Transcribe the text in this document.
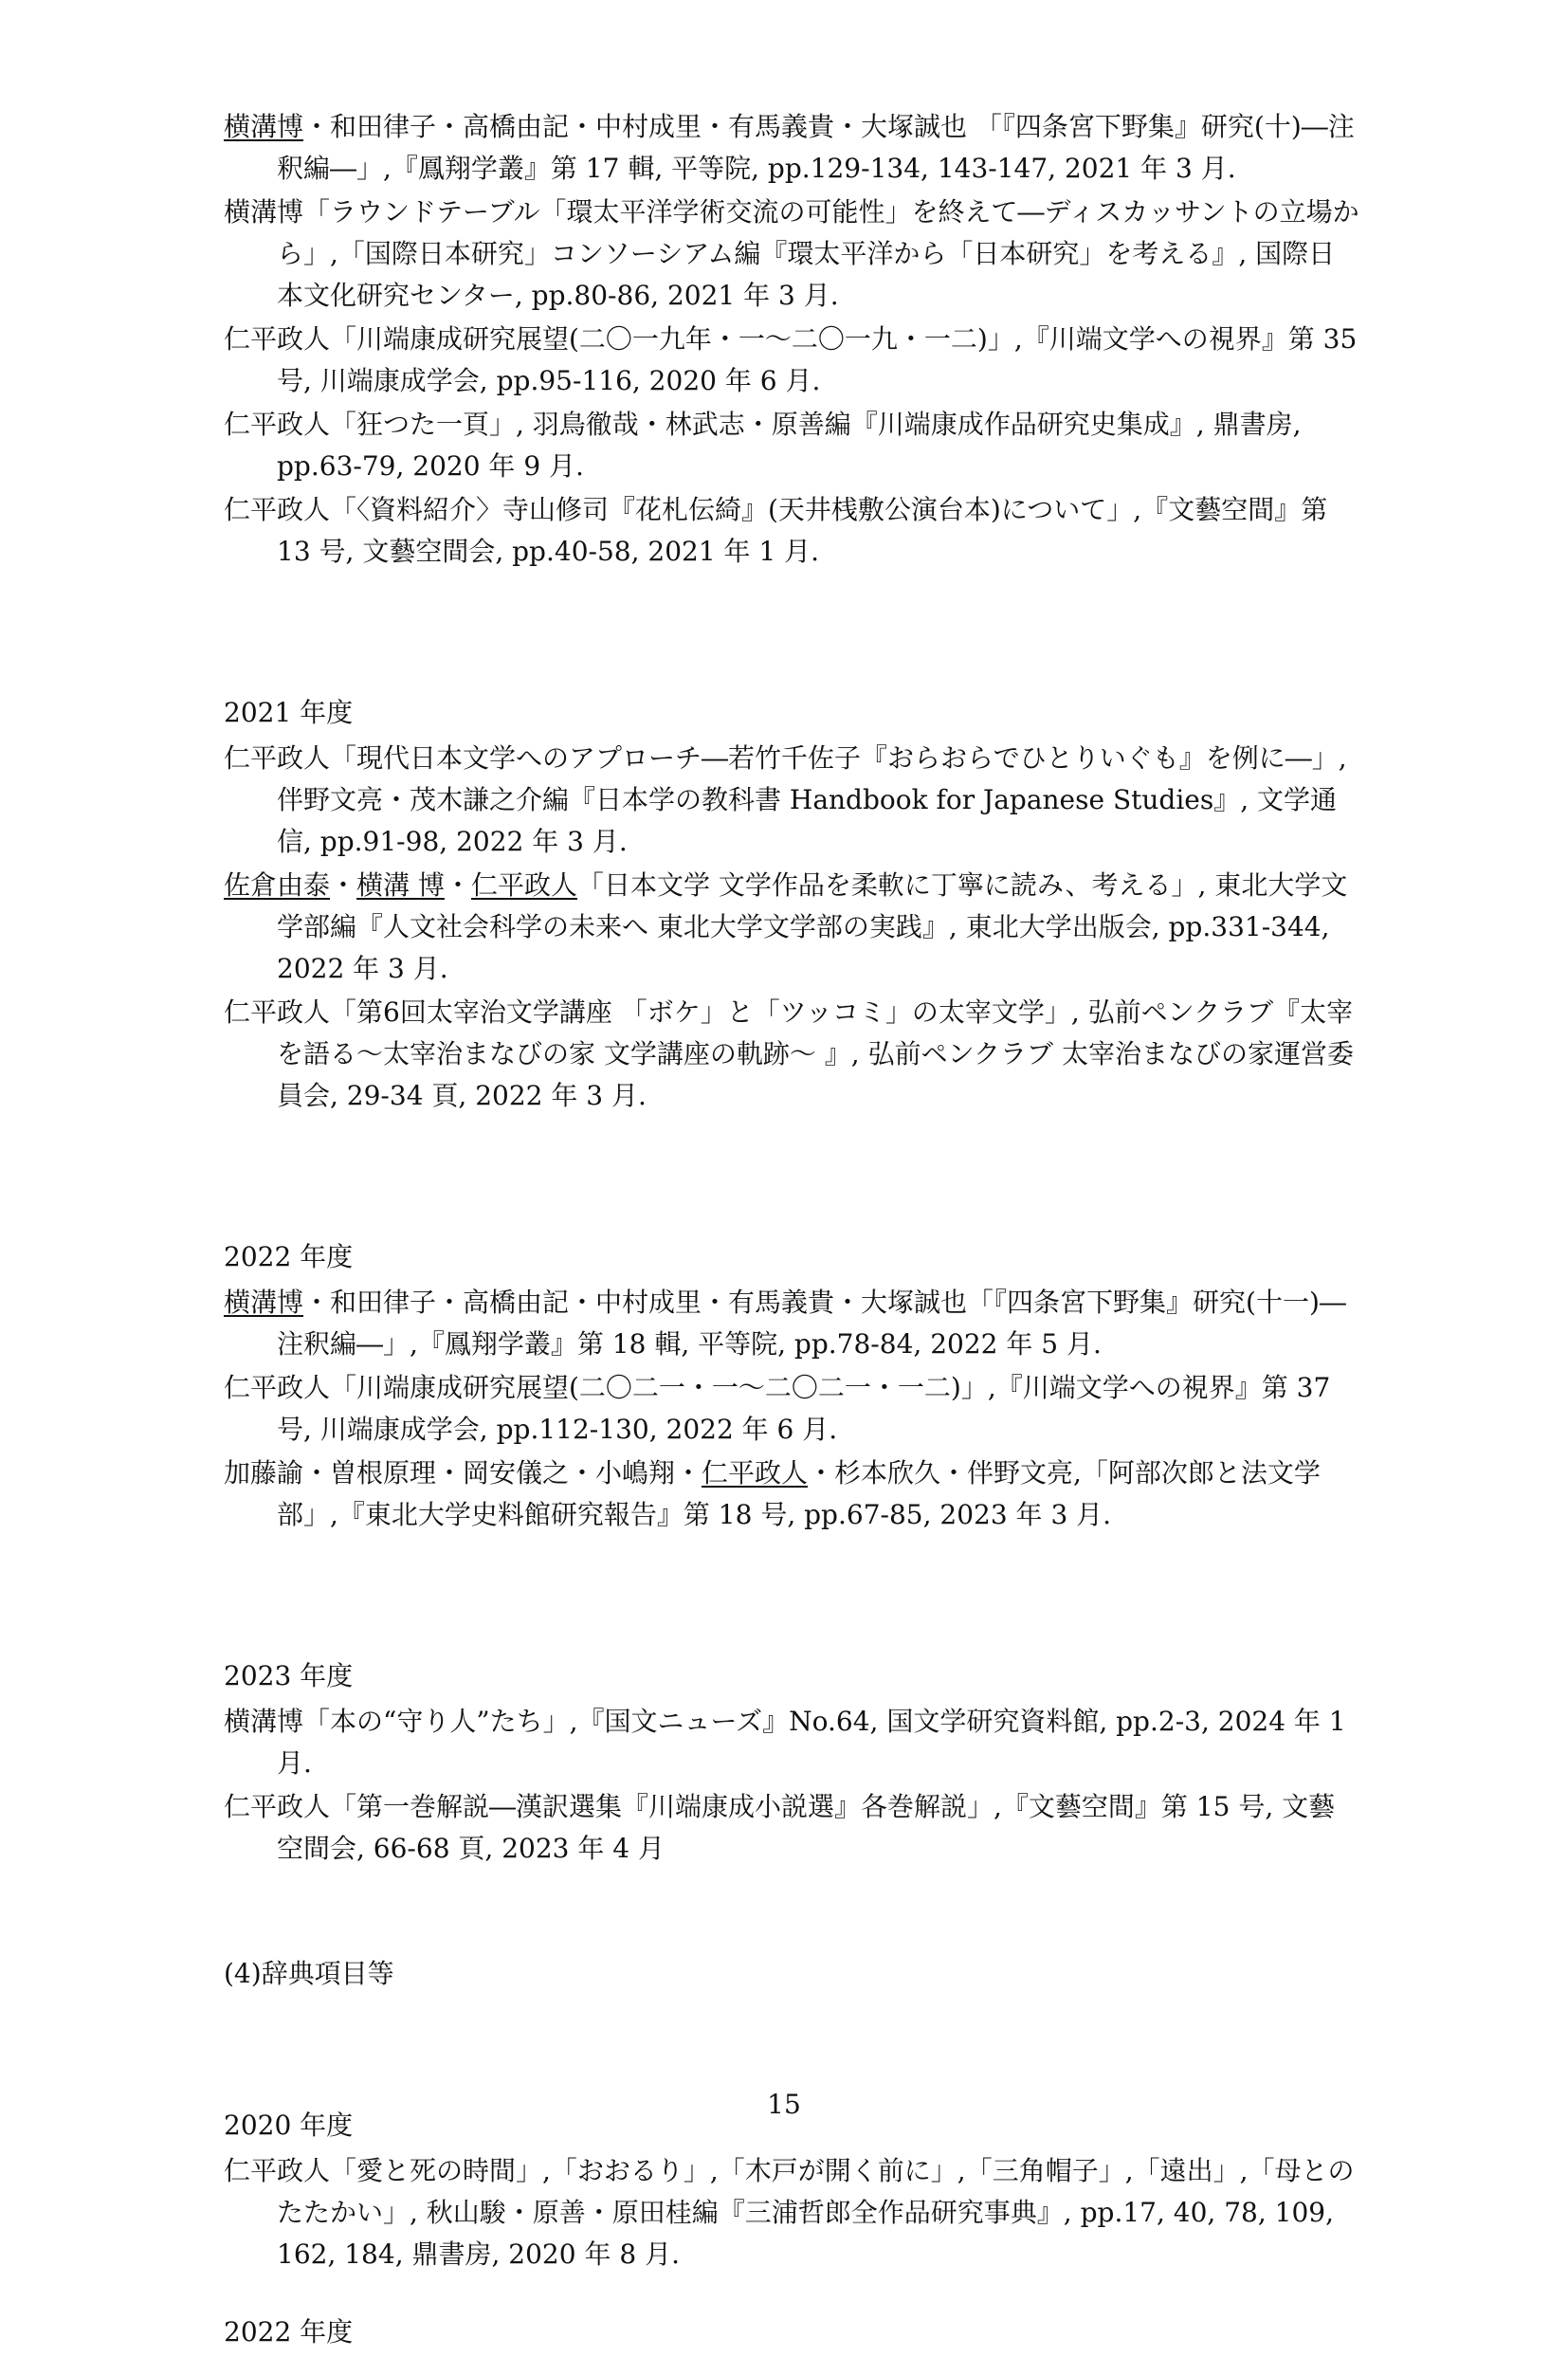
横溝博・和田律子・高橋由記・中村成里・有馬義貴・大塚誠也 「『四条宮下野集』研究(十)―注釈編―」,『鳳翔学叢』第 17 輯, 平等院, pp.129-134, 143-147, 2021 年 3 月.

横溝博「ラウンドテーブル「環太平洋学術交流の可能性」を終えて―ディスカッサントの立場から」,「国際日本研究」コンソーシアム編『環太平洋から「日本研究」を考える』, 国際日本文化研究センター, pp.80-86, 2021 年 3 月.

仁平政人「川端康成研究展望(二〇一九年・一〜二〇一九・一二)」,『川端文学への視界』第 35 号, 川端康成学会, pp.95-116, 2020 年 6 月.

仁平政人「狂つた一頁」, 羽鳥徹哉・林武志・原善編『川端康成作品研究史集成』, 鼎書房, pp.63-79, 2020 年 9 月.

仁平政人「〈資料紹介〉寺山修司『花札伝綺』(天井桟敷公演台本)について」,『文藝空間』第 13 号, 文藝空間会, pp.40-58, 2021 年 1 月.

2021 年度

仁平政人「現代日本文学へのアプローチ―若竹千佐子『おらおらでひとりいぐも』を例に―」, 伴野文亮・茂木謙之介編『日本学の教科書 Handbook for Japanese Studies』, 文学通信, pp.91-98, 2022 年 3 月.

佐倉由泰・横溝 博・仁平政人「日本文学 文学作品を柔軟に丁寧に読み、考える」, 東北大学文学部編『人文社会科学の未来へ 東北大学文学部の実践』, 東北大学出版会, pp.331-344, 2022 年 3 月.

仁平政人「第6回太宰治文学講座 「ボケ」と「ツッコミ」の太宰文学」, 弘前ペンクラブ『太宰を語る〜太宰治まなびの家 文学講座の軌跡〜 』, 弘前ペンクラブ 太宰治まなびの家運営委員会, 29-34 頁, 2022 年 3 月.

2022 年度

横溝博・和田律子・高橋由記・中村成里・有馬義貴・大塚誠也「『四条宮下野集』研究(十一)―注釈編―」,『鳳翔学叢』第 18 輯, 平等院, pp.78-84, 2022 年 5 月.

仁平政人「川端康成研究展望(二〇二一・一〜二〇二一・一二)」,『川端文学への視界』第 37 号, 川端康成学会, pp.112-130, 2022 年 6 月.

加藤諭・曽根原理・岡安儀之・小嶋翔・仁平政人・杉本欣久・伴野文亮,「阿部次郎と法文学部」,『東北大学史料館研究報告』第 18 号, pp.67-85, 2023 年 3 月.

2023 年度

横溝博「本の“守り人”たち」,『国文ニューズ』No.64, 国文学研究資料館, pp.2-3, 2024 年 1 月.

仁平政人「第一巻解説―漢訳選集『川端康成小説選』各巻解説」,『文藝空間』第 15 号, 文藝空間会, 66-68 頁, 2023 年 4 月

(4)辞典項目等

2020 年度

仁平政人「愛と死の時間」,「おおるり」,「木戸が開く前に」,「三角帽子」,「遠出」,「母とのたたかい」, 秋山駿・原善・原田桂編『三浦哲郎全作品研究事典』, pp.17, 40, 78, 109, 162, 184, 鼎書房, 2020 年 8 月.

2022 年度

15
